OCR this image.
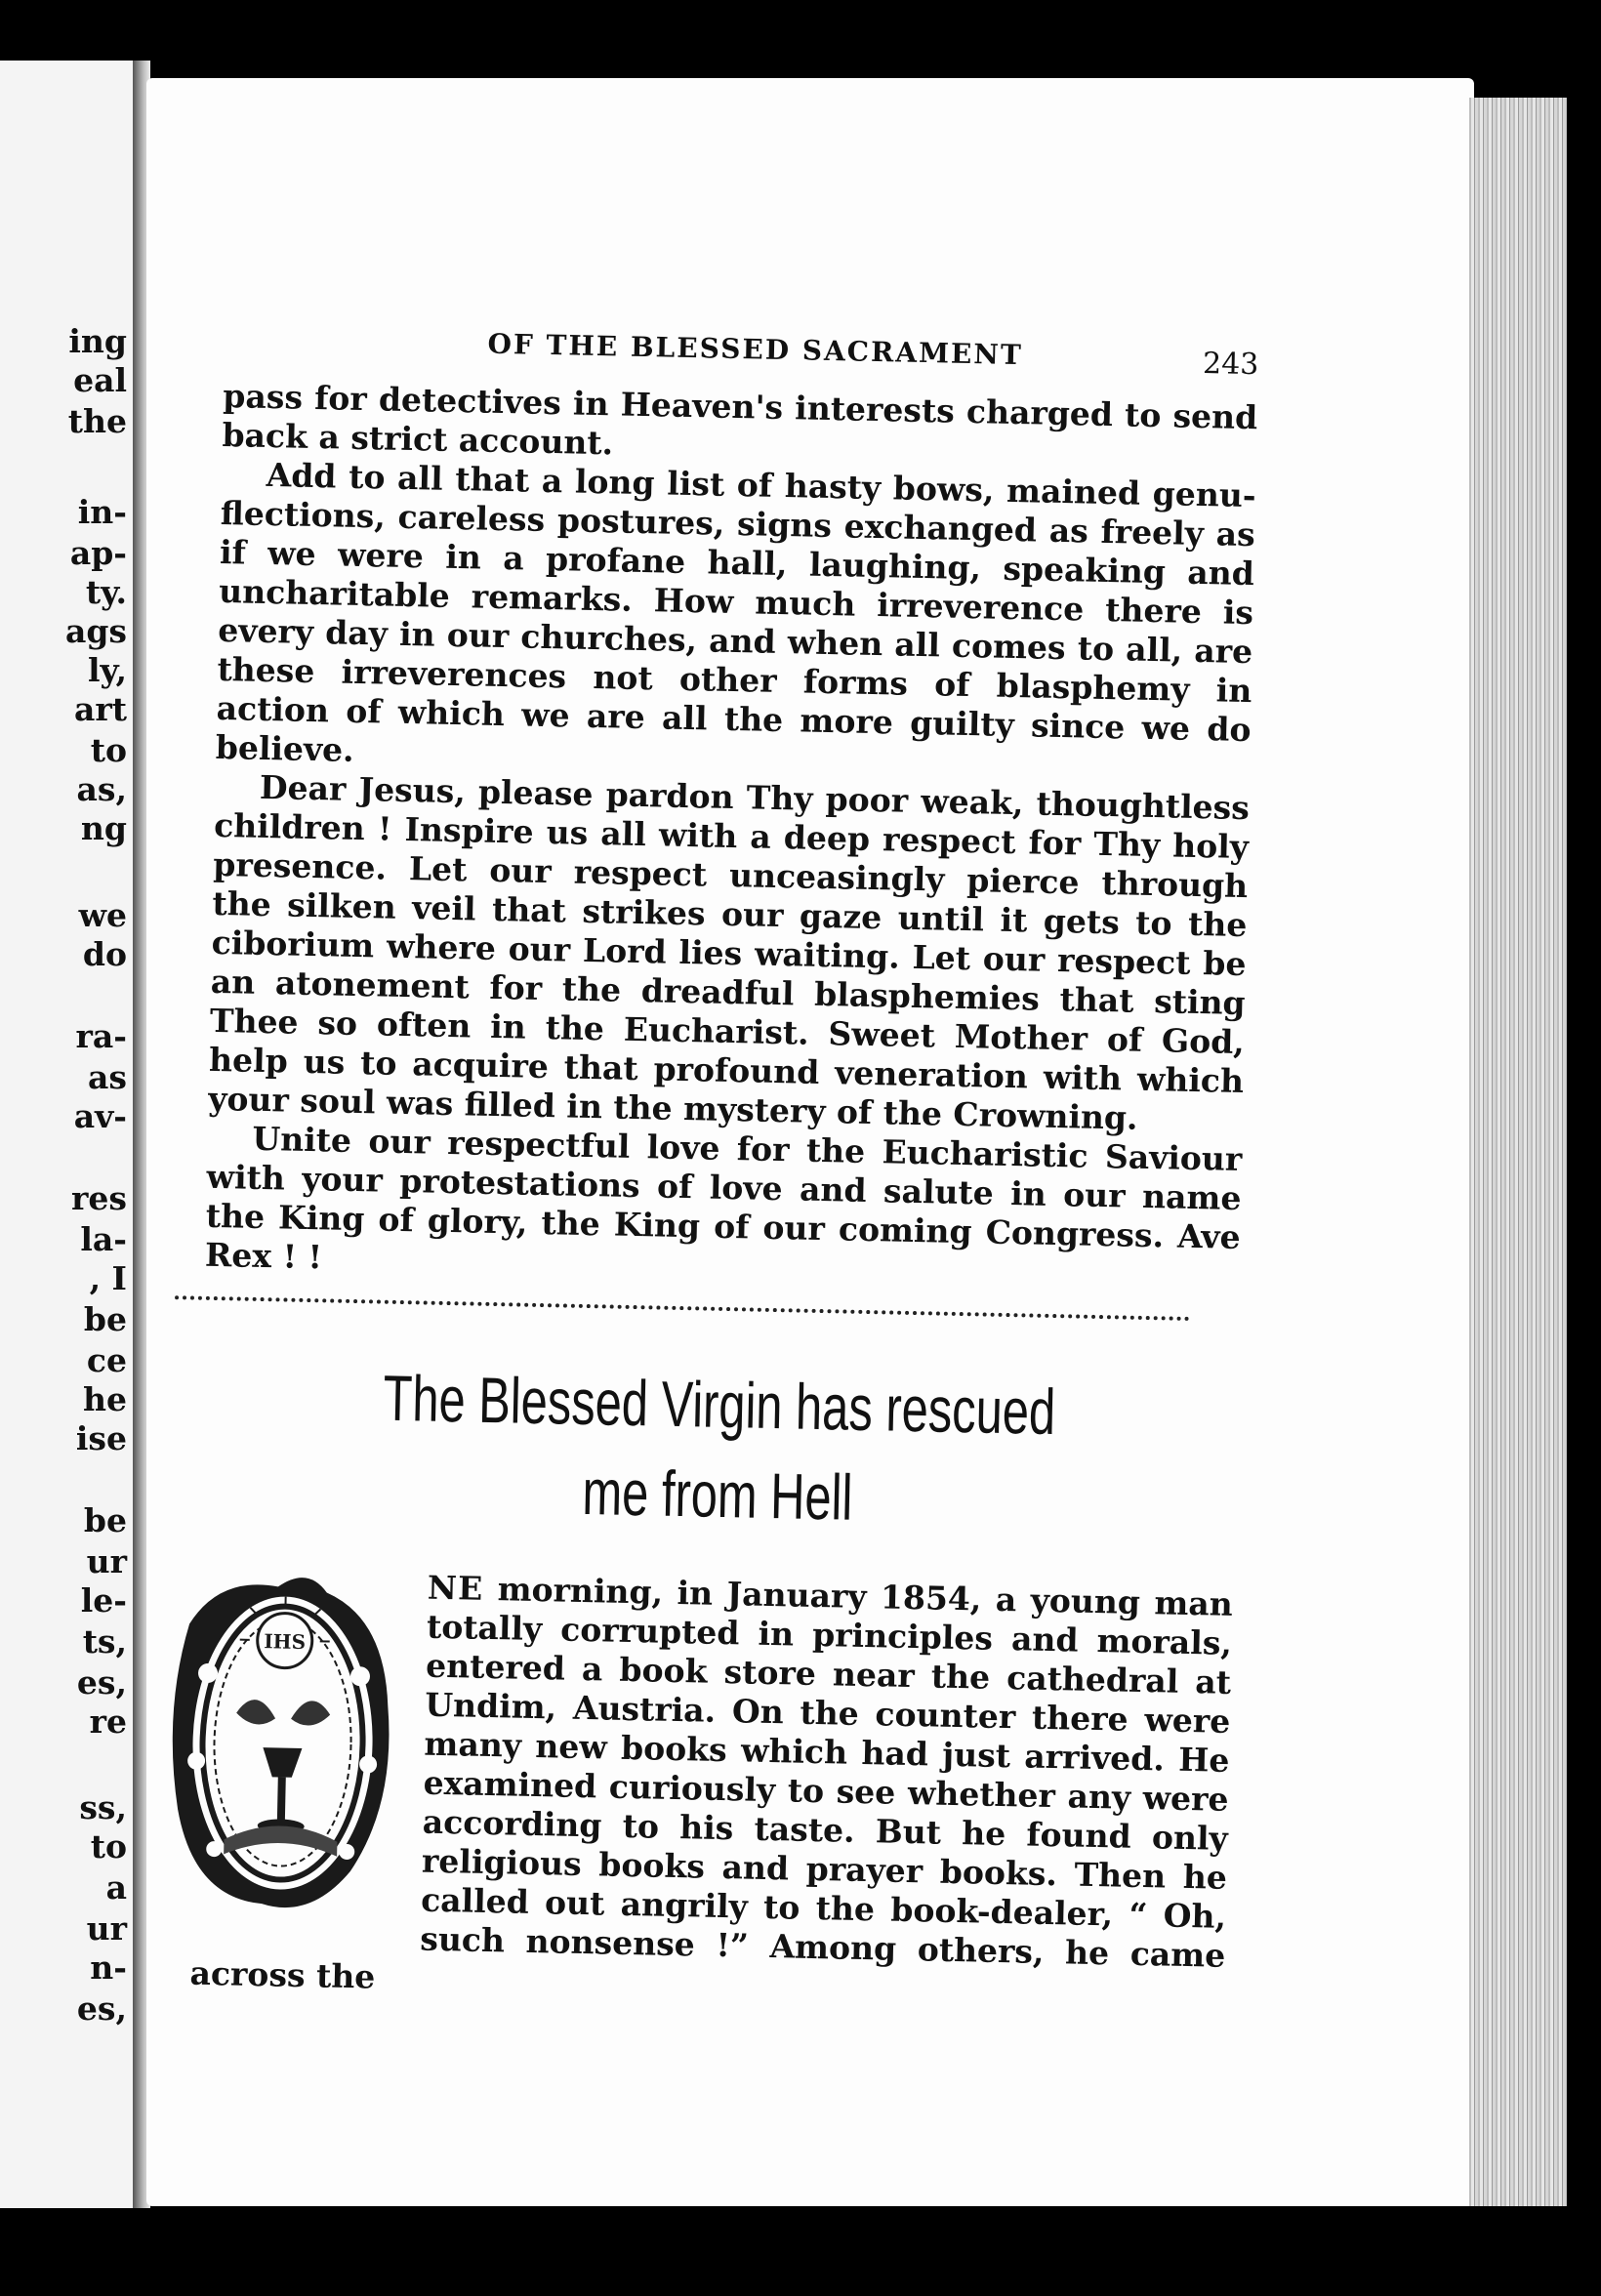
ing
eal
the
in-
ap-
ty.
ags
ly,
art
to
as,
ng
we
do
ra-
as
av-
res
la-
, I
be
ce
he
ise
be
ur
le-
ts,
es,
re
ss,
to
a
ur
n-
es,
OF THE BLESSED SACRAMENT	243

pass for detectives in Heaven's interests charged to send back a strict account.

Add to all that a long list of hasty bows, mained genu-flections, careless postures, signs exchanged as freely as if we were in a profane hall, laughing, speaking and uncharitable remarks. How much irreverence there is every day in our churches, and when all comes to all, are these irreverences not other forms of blasphemy in action of which we are all the more guilty since we do believe.

Dear Jesus, please pardon Thy poor weak, thoughtless children ! Inspire us all with a deep respect for Thy holy presence. Let our respect unceasingly pierce through the silken veil that strikes our gaze until it gets to the ciborium where our Lord lies waiting. Let our respect be an atonement for the dreadful blasphemies that sting Thee so often in the Eucharist. Sweet Mother of God, help us to acquire that profound veneration with which your soul was filled in the mystery of the Crowning.

Unite our respectful love for the Eucharistic Saviour with your protestations of love and salute in our name the King of glory, the King of our coming Congress. Ave Rex ! !

The Blessed Virgin has rescued
me from Hell
IHS

NE morning, in January 1854, a young man totally corrupted in principles and morals, entered a book store near the cathedral at Undim, Austria. On the counter there were many new books which had just arrived. He examined curiously to see whether any were according to his taste. But he found only religious books and prayer books. Then he called out angrily to the book-dealer, “ Oh, such nonsense !” Among others, he came across the
